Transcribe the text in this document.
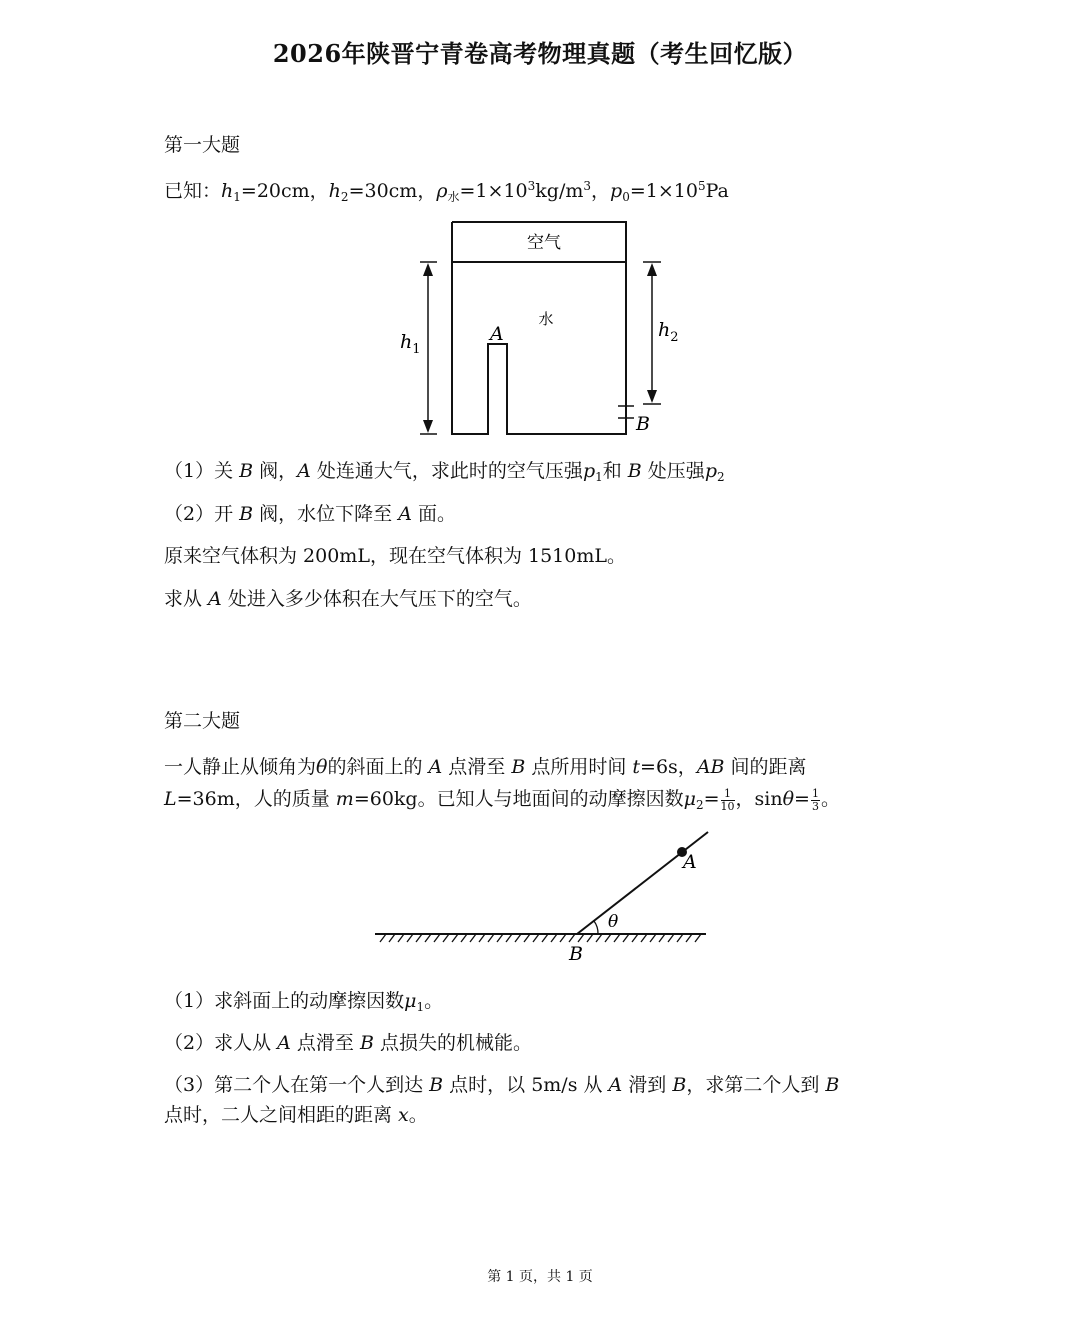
2026年陕晋宁青卷高考物理真题（考生回忆版）
第一大题
已知：$h_1=20cm$，$h_2=30cm$，$\rho_水=1\times 10^3kg/m^3$，$p_0=1\times 10^5Pa$
空气
水
$h_1$
$h_2$
A
B
（1）关 B 阀，A 处连通大气，求此时的空气压强$p_1$和 B 处压强$p_2$
（2）开 B 阀，水位下降至 A 面。
原来空气体积为 200mL，现在空气体积为 1510mL。
求从 A 处进入多少体积在大气压下的空气。
第二大题
一人静止从倾角为θ的斜面上的 A 点滑至 B 点所用时间 t=6s，AB 间的距离
L=36m，人的质量 m=60kg。已知人与地面间的动摩擦因数$\mu_2= \frac{1}{10}$ ，$\sin\theta= \frac{1}{3}$ 。
A
θ
B
（1）求斜面上的动摩擦因数$\mu_1$。
（2）求人从 A 点滑至 B 点损失的机械能。
（3）第二个人在第一个人到达 B 点时，以 5m/s 从 A 滑到 B，求第二个人到 B
点时，二人之间相距的距离 x。
第 1 页，共 1 页
